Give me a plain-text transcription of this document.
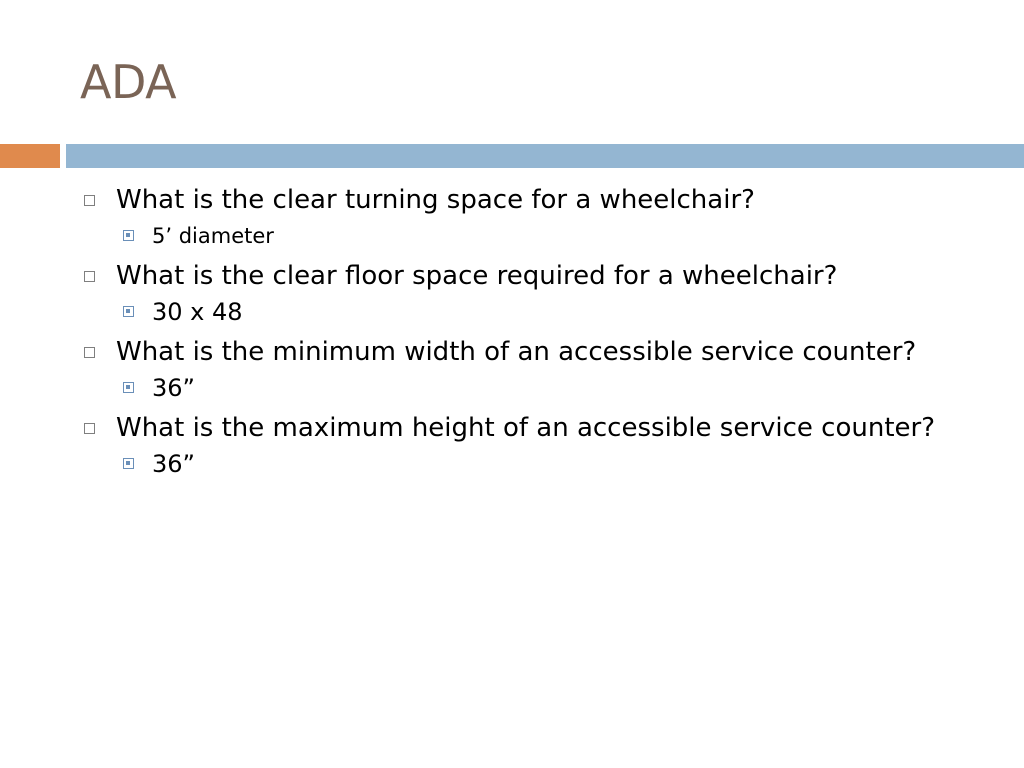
ADA
What is the clear turning space for a wheelchair?
5’ diameter
What is the clear floor space required for a wheelchair?
30 x 48
What is the minimum width of an accessible service counter?
36”
What is the maximum height of an accessible service counter?
36”
